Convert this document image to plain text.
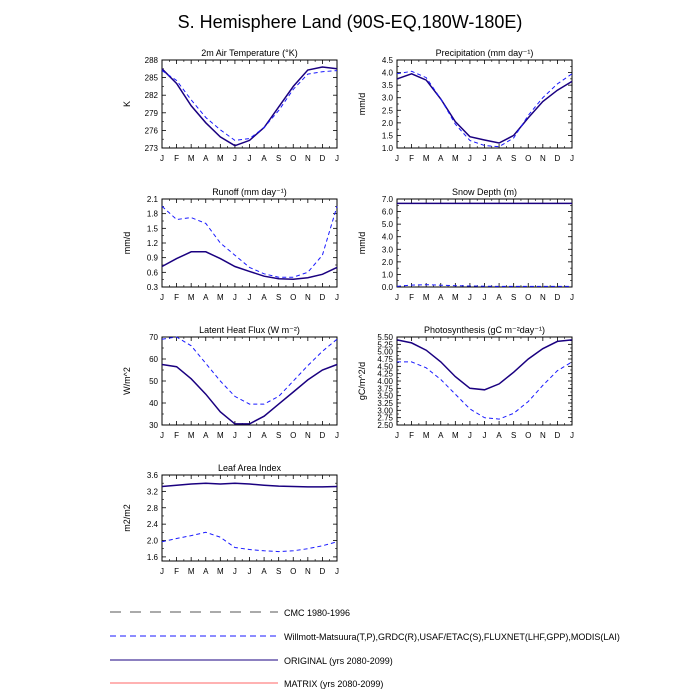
S. Hemisphere Land (90S-EQ,180W-180E)
J F M A M J J A S O N D J
273
276
279
282
285
288
2m Air Temperature (°K)
K
J F M A M J J A S O N D J
1.0
1.5
2.0
2.5
3.0
3.5
4.0
4.5
Precipitation (mm day⁻¹)
mm/d
J F M A M J J A S O N D J
0.3
0.6
0.9
1.2
1.5
1.8
2.1
Runoff (mm day⁻¹)
mm/d
J F M A M J J A S O N D J
0.0
1.0
2.0
3.0
4.0
5.0
6.0
7.0
Snow Depth (m)
mm/d
J F M A M J J A S O N D J
30
40
50
60
70
Latent Heat Flux (W m⁻²)
W/m^2
J F M A M J J A S O N D J
2.50
2.75
3.00
3.25
3.50
3.75
4.00
4.25
4.50
4.75
5.00
5.25
5.50
Photosynthesis (gC m⁻²day⁻¹)
gC/m^2/d
J F M A M J J A S O N D J
1.6
2.0
2.4
2.8
3.2
3.6
Leaf Area Index
m2/m2
CMC 1980-1996
Willmott-Matsuura(T,P),GRDC(R),USAF/ETAC(S),FLUXNET(LHF,GPP),MODIS(LAI)
ORIGINAL (yrs 2080-2099)
MATRIX (yrs 2080-2099)
